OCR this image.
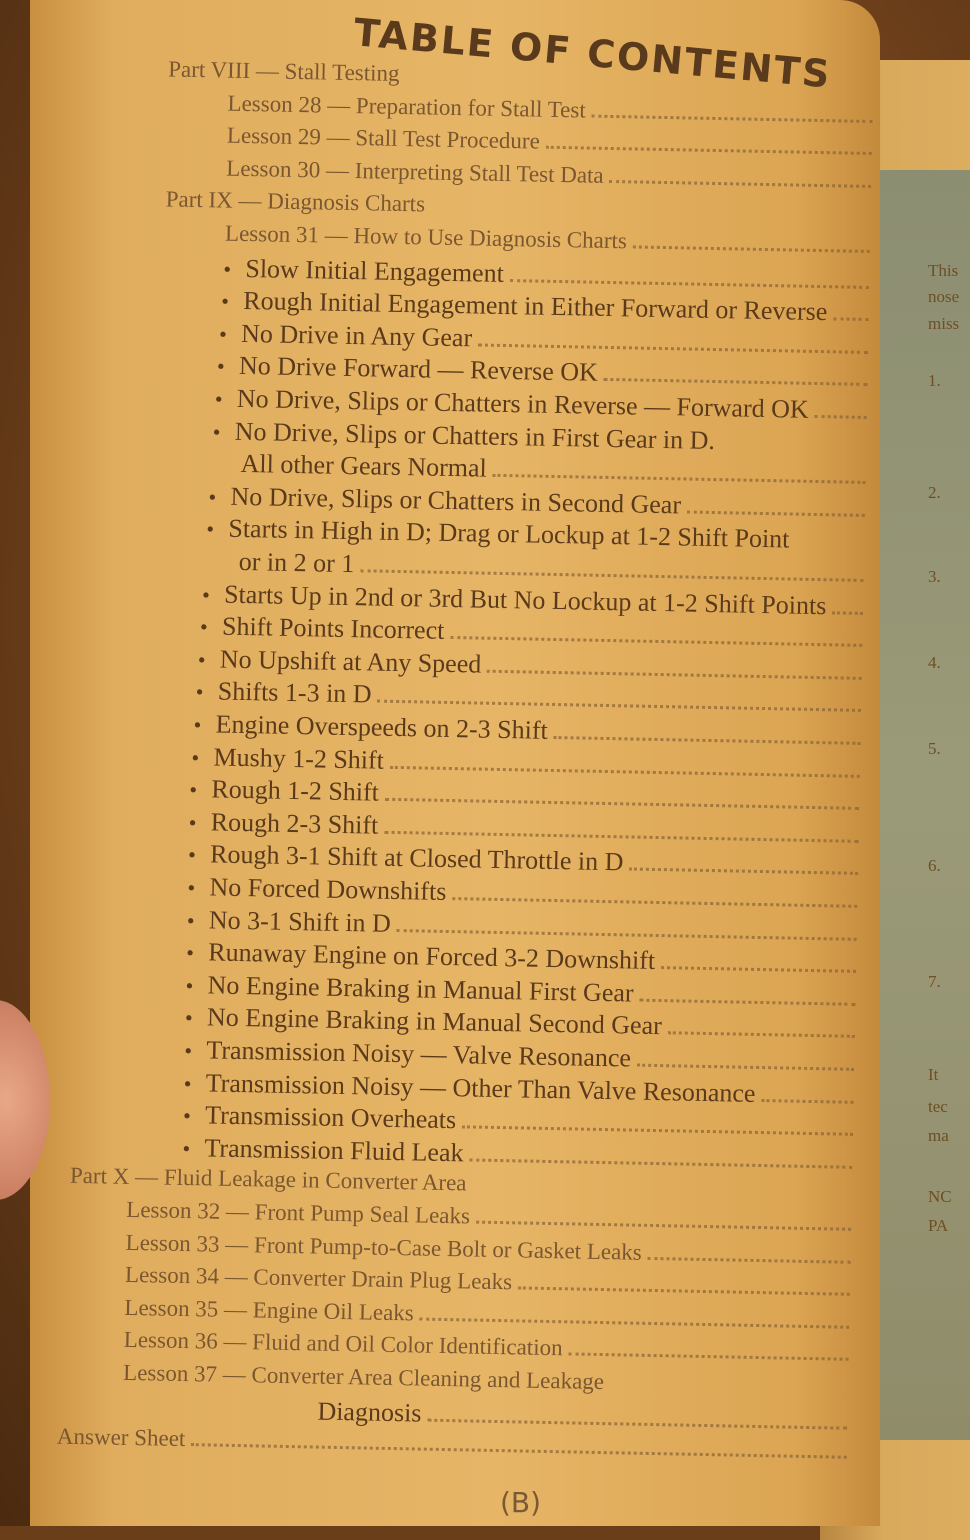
This
nose
miss
1.
2.
3.
4.
5.
6.
7.
It
tec
ma
NC
PA
TABLE OF CONTENTS
Part VIII — Stall Testing
Lesson 28 — Preparation for Stall Test
Lesson 29 — Stall Test Procedure
Lesson 30 — Interpreting Stall Test Data
Part IX — Diagnosis Charts
Lesson 31 — How to Use Diagnosis Charts
• Slow Initial Engagement
• Rough Initial Engagement in Either Forward or Reverse
• No Drive in Any Gear
• No Drive Forward — Reverse OK
• No Drive, Slips or Chatters in Reverse — Forward OK
• No Drive, Slips or Chatters in First Gear in D.
All other Gears Normal
• No Drive, Slips or Chatters in Second Gear
• Starts in High in D; Drag or Lockup at 1-2 Shift Point
or in 2 or 1
• Starts Up in 2nd or 3rd But No Lockup at 1-2 Shift Points
• Shift Points Incorrect
• No Upshift at Any Speed
• Shifts 1-3 in D
• Engine Overspeeds on 2-3 Shift
• Mushy 1-2 Shift
• Rough 1-2 Shift
• Rough 2-3 Shift
• Rough 3-1 Shift at Closed Throttle in D
• No Forced Downshifts
• No 3-1 Shift in D
• Runaway Engine on Forced 3-2 Downshift
• No Engine Braking in Manual First Gear
• No Engine Braking in Manual Second Gear
• Transmission Noisy — Valve Resonance
• Transmission Noisy — Other Than Valve Resonance
• Transmission Overheats
• Transmission Fluid Leak
Part X — Fluid Leakage in Converter Area
Lesson 32 — Front Pump Seal Leaks
Lesson 33 — Front Pump-to-Case Bolt or Gasket Leaks
Lesson 34 — Converter Drain Plug Leaks
Lesson 35 — Engine Oil Leaks
Lesson 36 — Fluid and Oil Color Identification
Lesson 37 — Converter Area Cleaning and Leakage
Diagnosis
Answer Sheet
(B)
